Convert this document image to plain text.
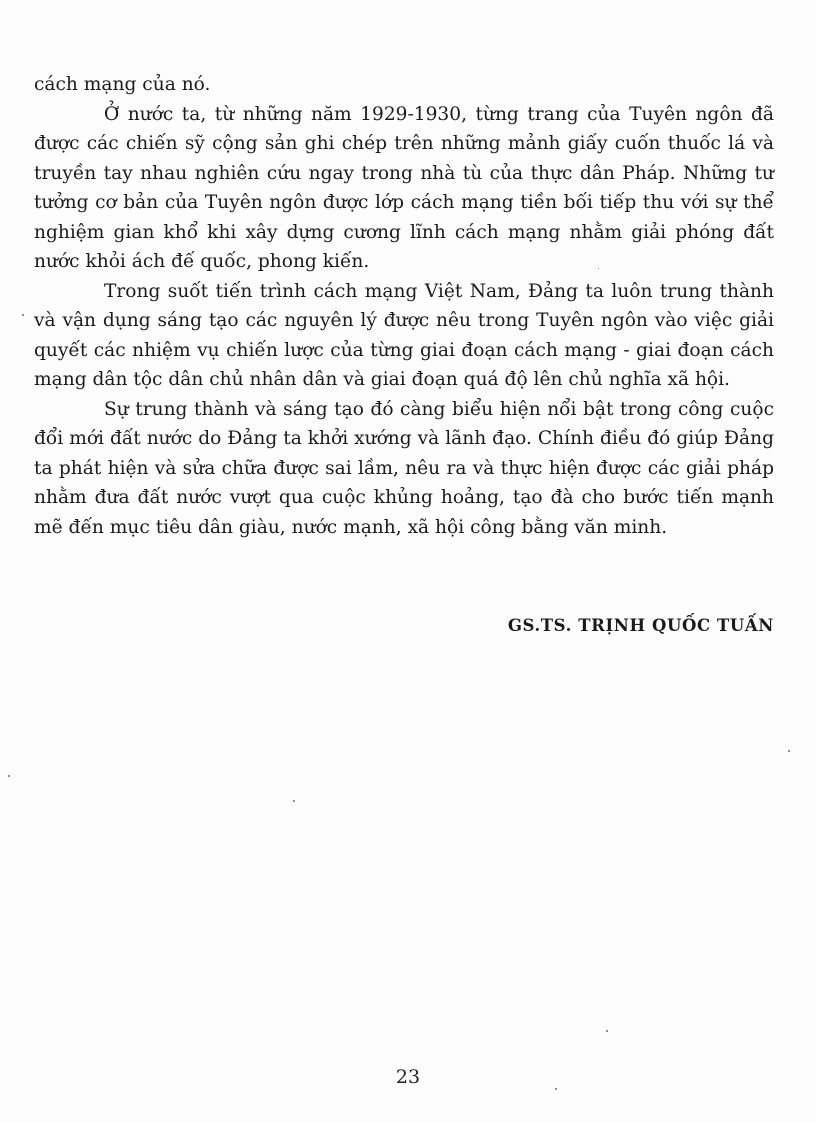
cách mạng của nó.

Ở nước ta, từ những năm 1929-1930, từng trang của Tuyên ngôn đã được các chiến sỹ cộng sản ghi chép trên những mảnh giấy cuốn thuốc lá và truyền tay nhau nghiên cứu ngay trong nhà tù của thực dân Pháp. Những tư tưởng cơ bản của Tuyên ngôn được lớp cách mạng tiền bối tiếp thu với sự thể nghiệm gian khổ khi xây dựng cương lĩnh cách mạng nhằm giải phóng đất nước khỏi ách đế quốc, phong kiến.

Trong suốt tiến trình cách mạng Việt Nam, Đảng ta luôn trung thành và vận dụng sáng tạo các nguyên lý được nêu trong Tuyên ngôn vào việc giải quyết các nhiệm vụ chiến lược của từng giai đoạn cách mạng - giai đoạn cách mạng dân tộc dân chủ nhân dân và giai đoạn quá độ lên chủ nghĩa xã hội.

Sự trung thành và sáng tạo đó càng biểu hiện nổi bật trong công cuộc đổi mới đất nước do Đảng ta khởi xướng và lãnh đạo. Chính điều đó giúp Đảng ta phát hiện và sửa chữa được sai lầm, nêu ra và thực hiện được các giải pháp nhằm đưa đất nước vượt qua cuộc khủng hoảng, tạo đà cho bước tiến mạnh mẽ đến mục tiêu dân giàu, nước mạnh, xã hội công bằng văn minh.

GS.TS. TRỊNH QUỐC TUẤN
23
